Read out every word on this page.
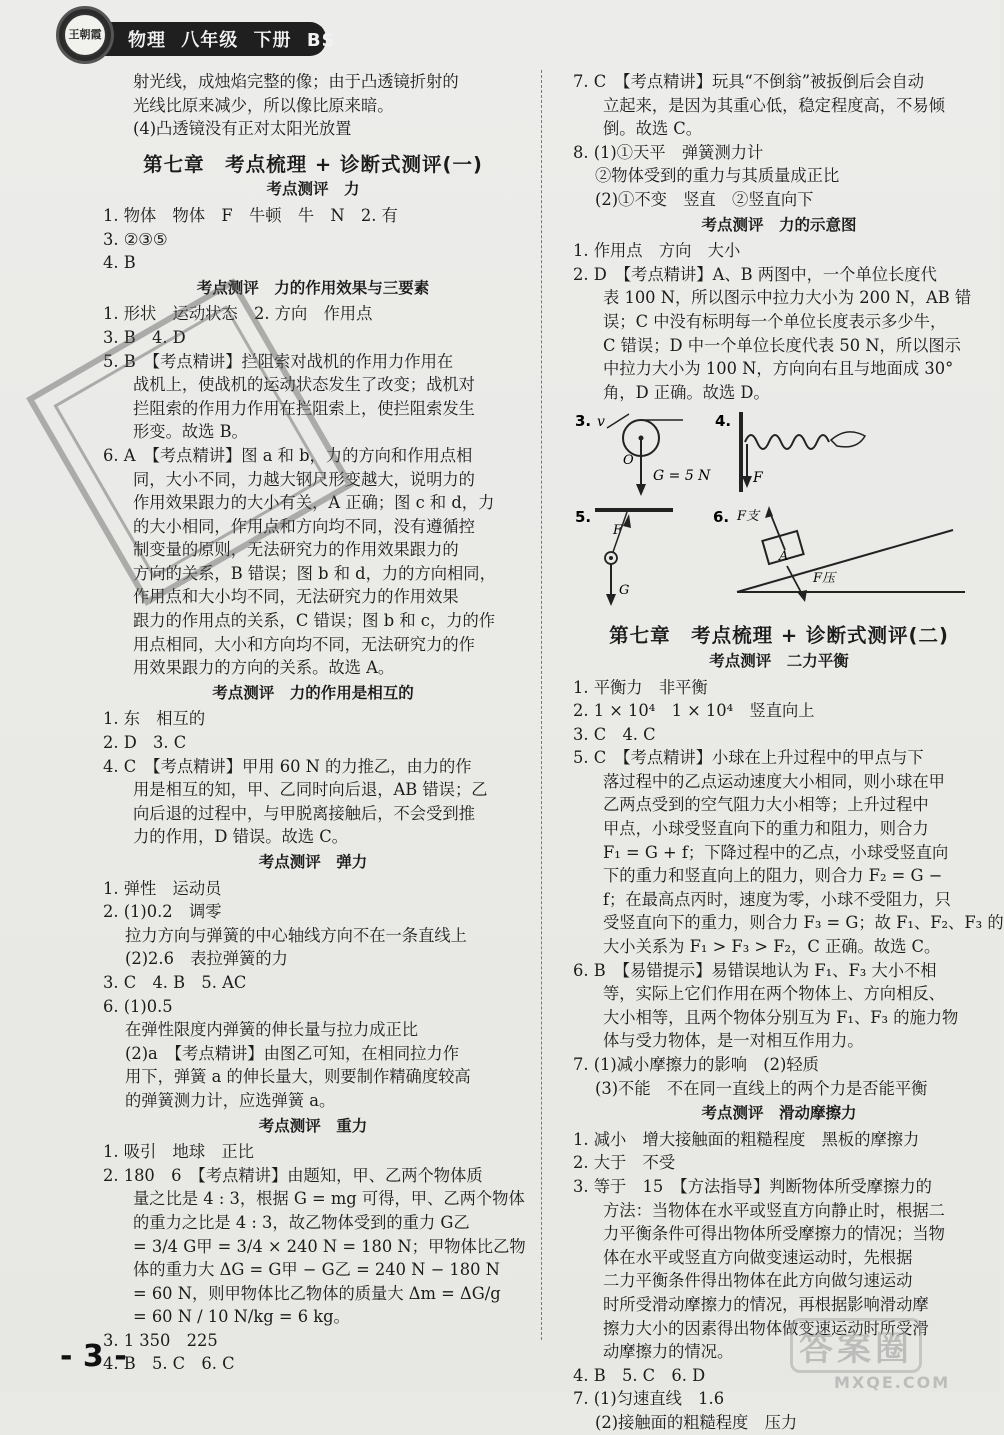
王朝霞	物理 八年级 下册 BS
射光线，成烛焰完整的像；由于凸透镜折射的
光线比原来减少，所以像比原来暗。
(4)凸透镜没有正对太阳光放置
第七章　考点梳理 + 诊断式测评(一)
考点测评　力
1. 物体　物体　F　牛顿　牛　N　2. 有
3. ②③⑤
4. B
考点测评　力的作用效果与三要素
1. 形状　运动状态　2. 方向　作用点
3. B　4. D
5. B　【考点精讲】拦阻索对战机的作用力作用在
战机上，使战机的运动状态发生了改变；战机对
拦阻索的作用力作用在拦阻索上，使拦阻索发生
形变。故选 B。
6. A　【考点精讲】图 a 和 b，力的方向和作用点相
同，大小不同，力越大钢尺形变越大，说明力的
作用效果跟力的大小有关，A 正确；图 c 和 d，力
的大小相同，作用点和方向均不同，没有遵循控
制变量的原则，无法研究力的作用效果跟力的
方向的关系，B 错误；图 b 和 d，力的方向相同，
作用点和大小均不同，无法研究力的作用效果
跟力的作用点的关系，C 错误；图 b 和 c，力的作
用点相同，大小和方向均不同，无法研究力的作
用效果跟力的方向的关系。故选 A。
考点测评　力的作用是相互的
1. 东　相互的
2. D　3. C
4. C　【考点精讲】甲用 60 N 的力推乙，由力的作
用是相互的知，甲、乙同时向后退，AB 错误；乙
向后退的过程中，与甲脱离接触后，不会受到推
力的作用，D 错误。故选 C。
考点测评　弹力
1. 弹性　运动员
2. (1)0.2　调零
拉力方向与弹簧的中心轴线方向不在一条直线上
(2)2.6　表拉弹簧的力
3. C　4. B　5. AC
6. (1)0.5
在弹性限度内弹簧的伸长量与拉力成正比
(2)a　【考点精讲】由图乙可知，在相同拉力作
用下，弹簧 a 的伸长量大，则要制作精确度较高
的弹簧测力计，应选弹簧 a。
考点测评　重力
1. 吸引　地球　正比
2. 180　6　【考点精讲】由题知，甲、乙两个物体质
量之比是 4 : 3，根据 G = mg 可得，甲、乙两个物体
的重力之比是 4 : 3，故乙物体受到的重力 G乙
= 3/4 G甲 = 3/4 × 240 N = 180 N；甲物体比乙物
体的重力大 ΔG = G甲 − G乙 = 240 N − 180 N
= 60 N，则甲物体比乙物体的质量大 Δm = ΔG/g
= 60 N / 10 N/kg = 6 kg。
3. 1 350　225
4. B　5. C　6. C
7. C　【考点精讲】玩具“不倒翁”被扳倒后会自动
立起来，是因为其重心低，稳定程度高，不易倾
倒。故选 C。
8. (1)①天平　弹簧测力计
②物体受到的重力与其质量成正比
(2)①不变　竖直　②竖直向下
考点测评　力的示意图
1. 作用点　方向　大小
2. D　【考点精讲】A、B 两图中，一个单位长度代
表 100 N，所以图示中拉力大小为 200 N，AB 错
误；C 中没有标明每一个单位长度表示多少牛，
C 错误；D 中一个单位长度代表 50 N，所以图示
中拉力大小为 100 N，方向向右且与地面成 30°
角，D 正确。故选 D。
3. v
O
G = 5 N
4.
F
5.
F
G
6.
A
F支
F压
第七章　考点梳理 + 诊断式测评(二)
考点测评　二力平衡
1. 平衡力　非平衡
2. 1 × 10⁴　1 × 10⁴　竖直向上
3. C　4. C
5. C　【考点精讲】小球在上升过程中的甲点与下
落过程中的乙点运动速度大小相同，则小球在甲
乙两点受到的空气阻力大小相等；上升过程中
甲点，小球受竖直向下的重力和阻力，则合力
F₁ = G + f；下降过程中的乙点，小球受竖直向
下的重力和竖直向上的阻力，则合力 F₂ = G −
f；在最高点丙时，速度为零，小球不受阻力，只
受竖直向下的重力，则合力 F₃ = G；故 F₁、F₂、F₃ 的
大小关系为 F₁ > F₃ > F₂，C 正确。故选 C。
6. B　【易错提示】易错误地认为 F₁、F₃ 大小不相
等，实际上它们作用在两个物体上、方向相反、
大小相等，且两个物体分别互为 F₁、F₃ 的施力物
体与受力物体，是一对相互作用力。
7. (1)减小摩擦力的影响　(2)轻质
(3)不能　不在同一直线上的两个力是否能平衡
考点测评　滑动摩擦力
1. 减小　增大接触面的粗糙程度　黑板的摩擦力
2. 大于　不受
3. 等于　15　【方法指导】判断物体所受摩擦力的
方法：当物体在水平或竖直方向静止时，根据二
力平衡条件可得出物体所受摩擦力的情况；当物
体在水平或竖直方向做变速运动时，先根据
二力平衡条件得出物体在此方向做匀速运动
时所受滑动摩擦力的情况，再根据影响滑动摩
擦力大小的因素得出物体做变速运动时所受滑
动摩擦力的情况。
4. B　5. C　6. D
7. (1)匀速直线　1.6
(2)接触面的粗糙程度　压力
- 3 -	答案圈
MXQE.COM
